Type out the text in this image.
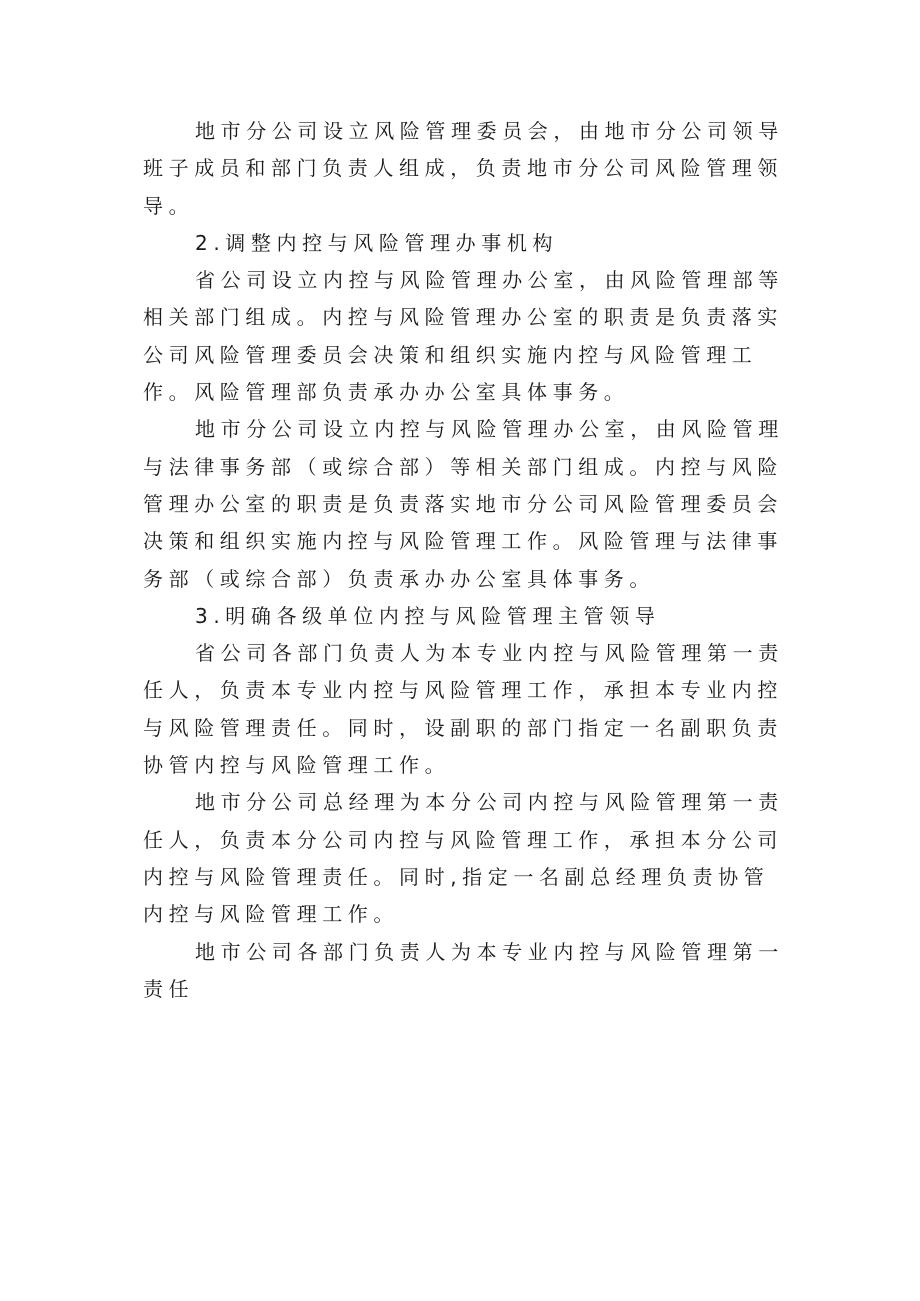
地市分公司设立风险管理委员会，由地市分公司领导班子成员和部门负责人组成，负责地市分公司风险管理领导。

2.调整内控与风险管理办事机构

省公司设立内控与风险管理办公室，由风险管理部等相关部门组成。内控与风险管理办公室的职责是负责落实公司风险管理委员会决策和组织实施内控与风险管理工作。风险管理部负责承办办公室具体事务。

地市分公司设立内控与风险管理办公室，由风险管理与法律事务部（或综合部）等相关部门组成。内控与风险管理办公室的职责是负责落实地市分公司风险管理委员会决策和组织实施内控与风险管理工作。风险管理与法律事务部（或综合部）负责承办办公室具体事务。

3.明确各级单位内控与风险管理主管领导

省公司各部门负责人为本专业内控与风险管理第一责任人，负责本专业内控与风险管理工作，承担本专业内控与风险管理责任。同时，设副职的部门指定一名副职负责协管内控与风险管理工作。

地市分公司总经理为本分公司内控与风险管理第一责任人，负责本分公司内控与风险管理工作，承担本分公司内控与风险管理责任。同时,指定一名副总经理负责协管内控与风险管理工作。

地市公司各部门负责人为本专业内控与风险管理第一责任
